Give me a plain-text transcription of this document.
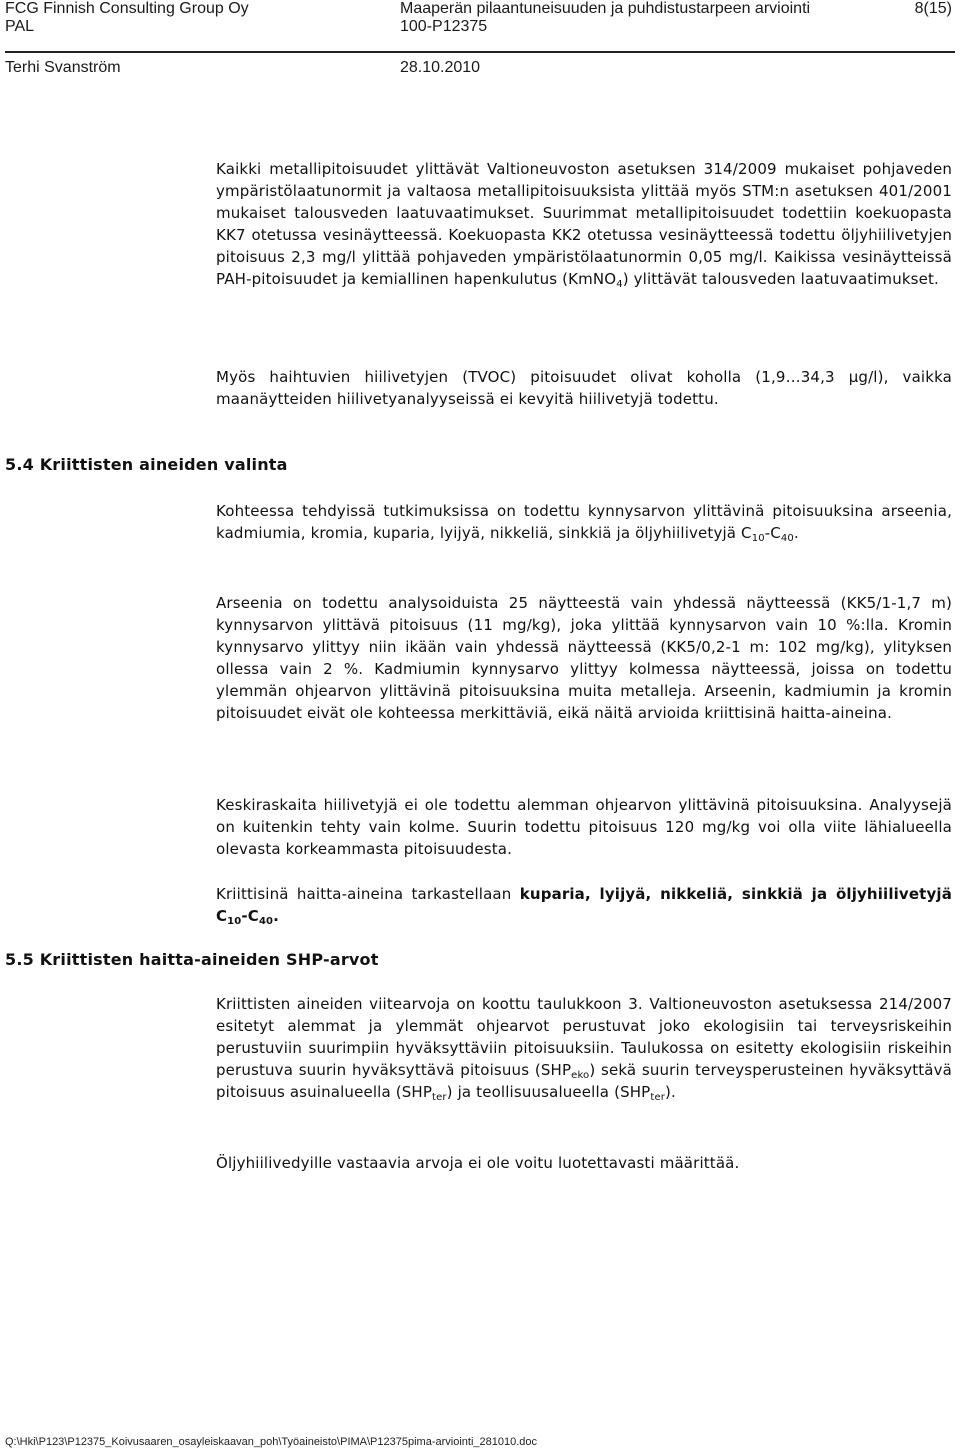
FCG Finnish Consulting Group Oy
PAL
Terhi Svanström
Maaperän pilaantuneisuuden ja puhdistustarpeen arviointi
100-P12375
28.10.2010
8(15)

Kaikki metallipitoisuudet ylittävät Valtioneuvoston asetuksen 314/2009 mukaiset pohjaveden ympäristölaatunormit ja valtaosa metallipitoisuuksista ylittää myös STM:n asetuksen 401/2001 mukaiset talousveden laatuvaatimukset. Suurimmat metallipitoisuudet todettiin koekuopasta KK7 otetussa vesinäytteessä. Koekuopasta KK2 otetussa vesinäytteessä todettu öljyhiilivetyjen pitoisuus 2,3 mg/l ylittää pohjaveden ympäristölaatunormin 0,05 mg/l. Kaikissa vesinäytteissä PAH-pitoisuudet ja kemiallinen hapenkulutus (KmNO$_4$) ylittävät talousveden laatuvaatimukset.

Myös haihtuvien hiilivetyjen (TVOC) pitoisuudet olivat koholla (1,9…34,3 µg/l), vaikka maanäytteiden hiilivetyanalyyseissä ei kevyitä hiilivetyjä todettu.

5.4 Kriittisten aineiden valinta

Kohteessa tehdyissä tutkimuksissa on todettu kynnysarvon ylittävinä pitoisuuksina arseenia, kadmiumia, kromia, kuparia, lyijyä, nikkeliä, sinkkiä ja öljyhiilivetyjä $C_{10}-C_{40}$.

Arseenia on todettu analysoiduista 25 näytteestä vain yhdessä näytteessä (KK5/1-1,7 m) kynnysarvon ylittävä pitoisuus (11 mg/kg), joka ylittää kynnysarvon vain 10 %:lla. Kromin kynnysarvo ylittyy niin ikään vain yhdessä näytteessä (KK5/0,2-1 m: 102 mg/kg), ylityksen ollessa vain 2 %. Kadmiumin kynnysarvo ylittyy kolmessa näytteessä, joissa on todettu ylemmän ohjearvon ylittävinä pitoisuuksina muita metalleja. Arseenin, kadmiumin ja kromin pitoisuudet eivät ole kohteessa merkittäviä, eikä näitä arvioida kriittisinä haitta-aineina.

Keskiraskaita hiilivetyjä ei ole todettu alemman ohjearvon ylittävinä pitoisuuksina. Analyysejä on kuitenkin tehty vain kolme. Suurin todettu pitoisuus 120 mg/kg voi olla viite lähialueella olevasta korkeammasta pitoisuudesta.

Kriittisinä haitta-aineina tarkastellaan kuparia, lyijyä, nikkeliä, sinkkiä ja öljyhiilivetyjä $C_{10}-C_{40}$.

5.5 Kriittisten haitta-aineiden SHP-arvot

Kriittisten aineiden viitearvoja on koottu taulukkoon 3. Valtioneuvoston asetuksessa 214/2007 esitetyt alemmat ja ylemmät ohjearvot perustuvat joko ekologisiin tai terveysriskeihin perustuviin suurimpiin hyväksyttäviin pitoisuuksiin. Taulukossa on esitetty ekologisiin riskeihin perustuva suurin hyväksyttävä pitoisuus $(SHP_{eko})$ sekä suurin terveysperusteinen hyväksyttävä pitoisuus asuinalueella $(SHP_{ter})$ ja teollisuusalueella $(SHP_{ter})$.

Öljyhiilivedyille vastaavia arvoja ei ole voitu luotettavasti määrittää.

Q:\Hki\P123\P12375_Koivusaaren_osayleiskaavan_poh\Työaineisto\PIMA\P12375pima-arviointi_281010.doc
